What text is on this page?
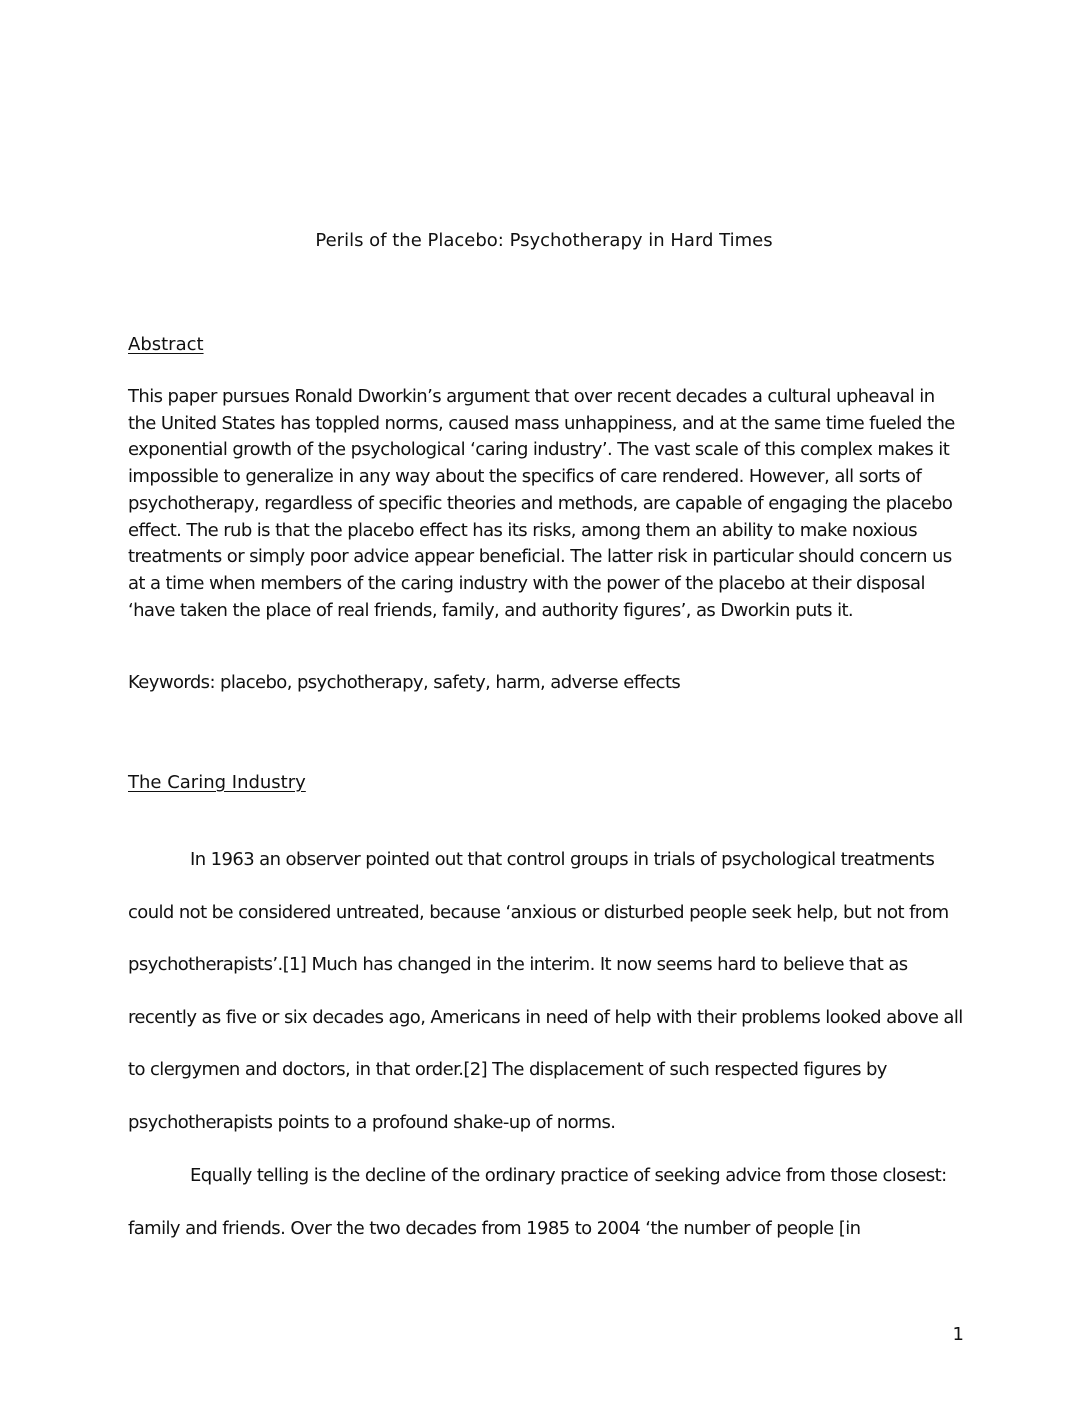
Perils of the Placebo: Psychotherapy in Hard Times
Abstract

This paper pursues Ronald Dworkin’s argument that over recent decades a cultural upheaval in the United States has toppled norms, caused mass unhappiness, and at the same time fueled the exponential growth of the psychological ‘caring industry’. The vast scale of this complex makes it impossible to generalize in any way about the specifics of care rendered. However, all sorts of psychotherapy, regardless of specific theories and methods, are capable of engaging the placebo effect. The rub is that the placebo effect has its risks, among them an ability to make noxious treatments or simply poor advice appear beneficial. The latter risk in particular should concern us at a time when members of the caring industry with the power of the placebo at their disposal ‘have taken the place of real friends, family, and authority figures’, as Dworkin puts it.

Keywords: placebo, psychotherapy, safety, harm, adverse effects

The Caring Industry

In 1963 an observer pointed out that control groups in trials of psychological treatments could not be considered untreated, because ‘anxious or disturbed people seek help, but not from psychotherapists’.[1] Much has changed in the interim. It now seems hard to believe that as recently as five or six decades ago, Americans in need of help with their problems looked above all to clergymen and doctors, in that order.[2] The displacement of such respected figures by psychotherapists points to a profound shake-up of norms.

Equally telling is the decline of the ordinary practice of seeking advice from those closest: family and friends. Over the two decades from 1985 to 2004 ‘the number of people [in

1
